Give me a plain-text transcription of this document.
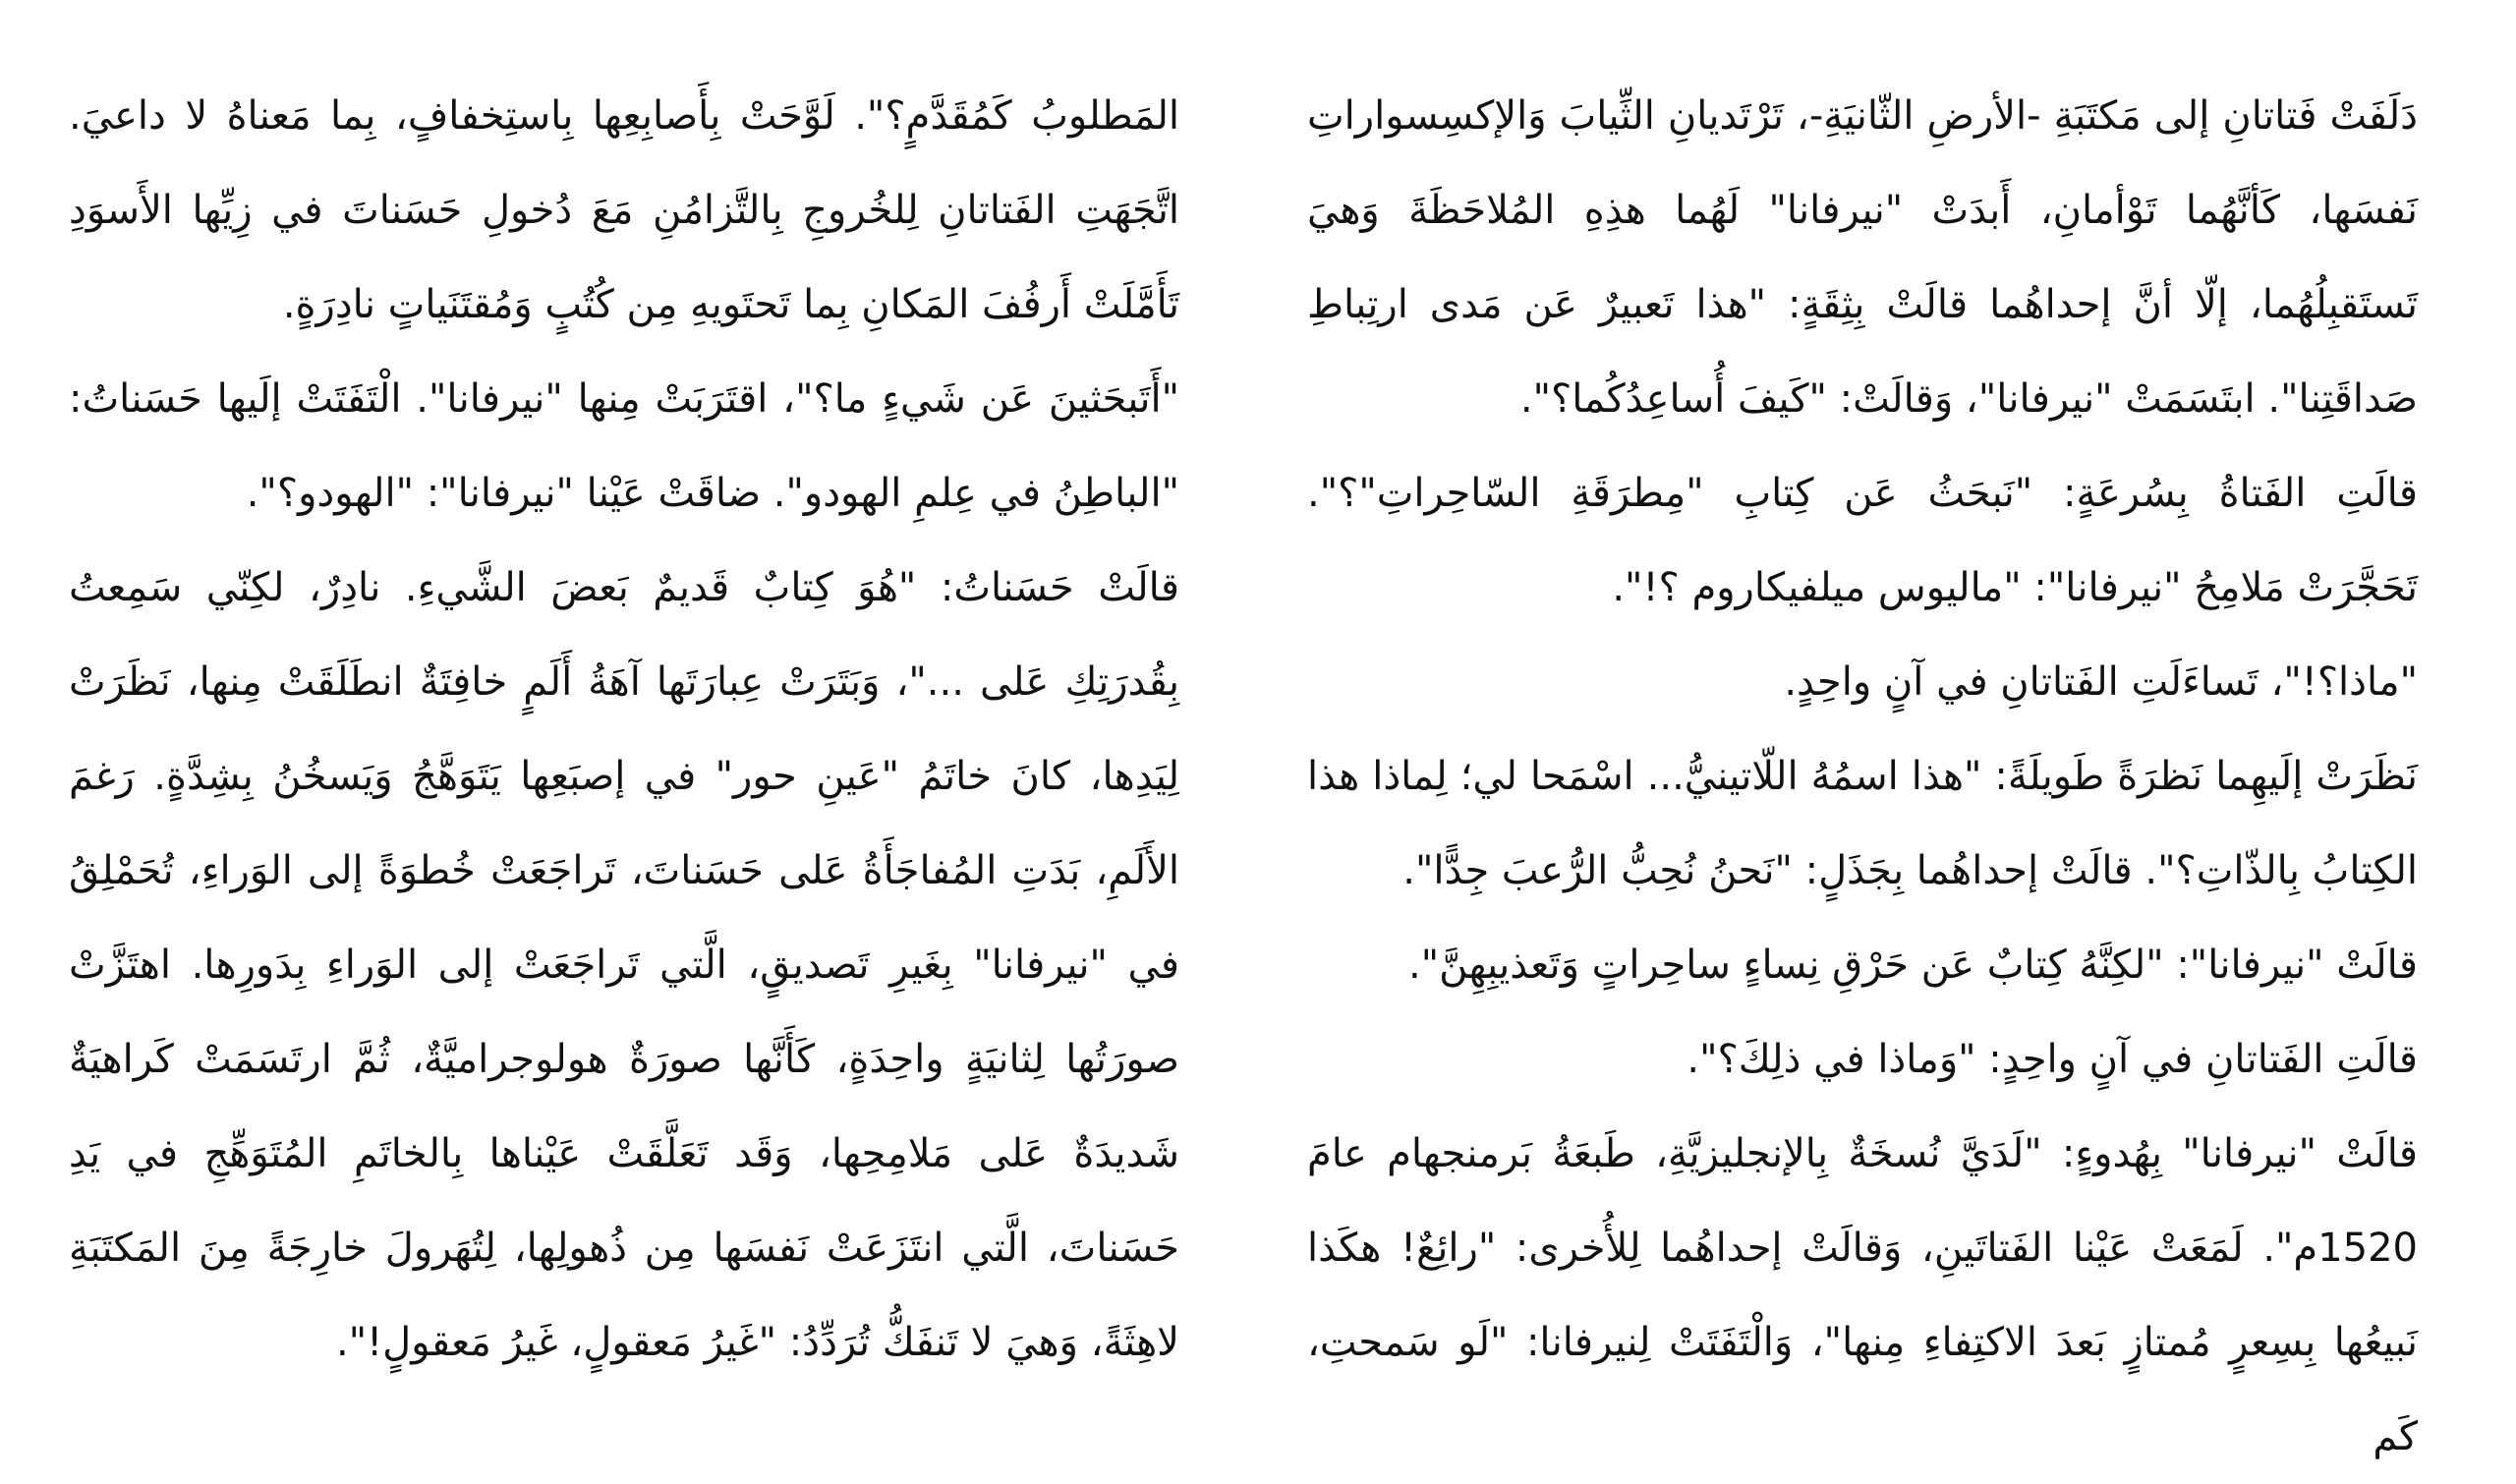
دَلَفَتْ فَتاتانِ إلى مَكتَبَةِ -الأرضِ الثّانيَةِ-، تَرْتَديانِ الثِّيابَ وَالإكسِسواراتِ نَفسَها، كَأنَّهُما تَوْأمانِ، أَبدَتْ "نيرفانا" لَهُما هذِهِ المُلاحَظَةَ وَهيَ تَستَقبِلُهُما، إلّا أنَّ إحداهُما قالَتْ بِثِقَةٍ: "هذا تَعبيرٌ عَن مَدى ارتِباطِ صَداقَتِنا". ابتَسَمَتْ "نيرفانا"، وَقالَتْ: "كَيفَ أُساعِدُكُما؟".

قالَتِ الفَتاةُ بِسُرعَةٍ: "نَبحَثُ عَن كِتابِ "مِطرَقَةِ السّاحِراتِ"؟". تَحَجَّرَتْ مَلامِحُ "نيرفانا": "ماليوس ميلفيكاروم ؟!".

"ماذا؟!"، تَساءَلَتِ الفَتاتانِ في آنٍ واحِدٍ.

نَظَرَتْ إلَيهِما نَظرَةً طَويلَةً: "هذا اسمُهُ اللّاتينيُّ... اسْمَحا لي؛ لِماذا هذا الكِتابُ بِالذّاتِ؟". قالَتْ إحداهُما بِجَذَلٍ: "نَحنُ نُحِبُّ الرُّعبَ جِدًّا".

قالَتْ "نيرفانا": "لكِنَّهُ كِتابٌ عَن حَرْقِ نِساءٍ ساحِراتٍ وَتَعذيبِهِنَّ".

قالَتِ الفَتاتانِ في آنٍ واحِدٍ: "وَماذا في ذلِكَ؟".

قالَتْ "نيرفانا" بِهُدوءٍ: "لَدَيَّ نُسخَةٌ بِالإنجليزيَّةِ، طَبعَةُ بَرمنجهام عامَ 1520م". لَمَعَتْ عَيْنا الفَتاتَينِ، وَقالَتْ إحداهُما لِلأُخرى: "رائِعٌ! هكَذا نَبيعُها بِسِعرٍ مُمتازٍ بَعدَ الاكتِفاءِ مِنها"، وَالْتَفَتَتْ لِنيرفانا: "لَو سَمحتِ، كَم

المَطلوبُ كَمُقَدَّمٍ؟". لَوَّحَتْ بِأَصابِعِها بِاستِخفافٍ، بِما مَعناهُ لا داعيَ. اتَّجَهَتِ الفَتاتانِ لِلخُروجِ بِالتَّزامُنِ مَعَ دُخولِ حَسَناتَ في زِيِّها الأَسوَدِ تَأَمَّلَتْ أَرفُفَ المَكانِ بِما تَحتَويهِ مِن كُتُبٍ وَمُقتَنَياتٍ نادِرَةٍ.

"أَتَبحَثينَ عَن شَيءٍ ما؟"، اقتَرَبَتْ مِنها "نيرفانا". الْتَفَتَتْ إلَيها حَسَناتُ: "الباطِنُ في عِلمِ الهودو". ضاقَتْ عَيْنا "نيرفانا": "الهودو؟".

قالَتْ حَسَناتُ: "هُوَ كِتابٌ قَديمٌ بَعضَ الشَّيءِ. نادِرٌ، لكِنّي سَمِعتُ بِقُدرَتِكِ عَلى ..."، وَبَتَرَتْ عِبارَتَها آهَةُ أَلَمٍ خافِتَةٌ انطَلَقَتْ مِنها، نَظَرَتْ لِيَدِها، كانَ خاتَمُ "عَينِ حور" في إصبَعِها يَتَوَهَّجُ وَيَسخُنُ بِشِدَّةٍ. رَغمَ الأَلَمِ، بَدَتِ المُفاجَأَةُ عَلى حَسَناتَ، تَراجَعَتْ خُطوَةً إلى الوَراءِ، تُحَمْلِقُ في "نيرفانا" بِغَيرِ تَصديقٍ، الَّتي تَراجَعَتْ إلى الوَراءِ بِدَورِها. اهتَزَّتْ صورَتُها لِثانيَةٍ واحِدَةٍ، كَأَنَّها صورَةٌ هولوجراميَّةٌ، ثُمَّ ارتَسَمَتْ كَراهيَةٌ شَديدَةٌ عَلى مَلامِحِها، وَقَد تَعَلَّقَتْ عَيْناها بِالخاتَمِ المُتَوَهِّجِ في يَدِ حَسَناتَ، الَّتي انتَزَعَتْ نَفسَها مِن ذُهولِها، لِتُهَرولَ خارِجَةً مِنَ المَكتَبَةِ لاهِثَةً، وَهيَ لا تَنفَكُّ تُرَدِّدُ: "غَيرُ مَعقولٍ، غَيرُ مَعقولٍ!".
